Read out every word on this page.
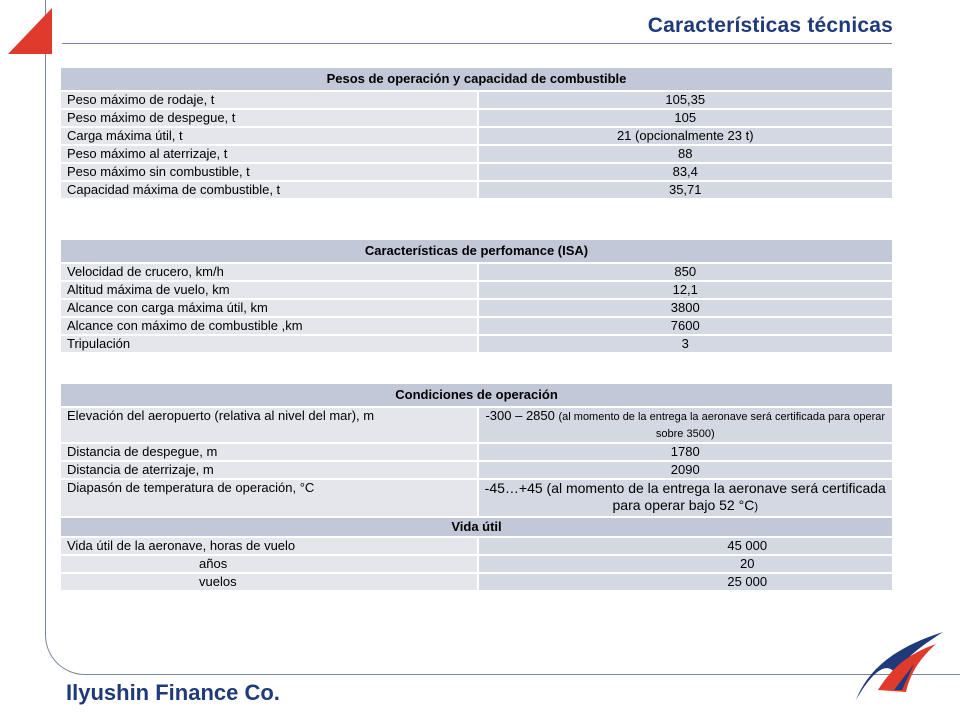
Características técnicas
Pesos de operación y capacidad de combustible	
Peso máximo de rodaje, t	105,35
Peso máximo de despegue, t	105
Carga máxima útil, t	21 (opcionalmente 23 t)
Peso máximo al aterrizaje, t	88
Peso máximo sin combustible, t	83,4
Capacidad máxima de combustible, t	35,71
Características de perfomance (ISA)	
Velocidad de crucero, km/h	850
Altitud máxima de vuelo, km	12,1
Alcance con carga máxima útil, km	3800
Alcance con máximo de combustible ,km	7600
Tripulación	3
Condiciones de operación	
Elevación del aeropuerto (relativa al nivel del mar), m	-300 – 2850 (al momento de la entrega la aeronave será certificada para operar sobre 3500)
Distancia de despegue, m	1780
Distancia de aterrizaje, m	2090
Diapasón de temperatura de operación, °C	-45…+45 (al momento de la entrega la aeronave será certificada para operar bajo 52 °C)
Vida útil	
Vida útil de la aeronave, horas de vuelo	45 000
años	20
vuelos	25 000
Ilyushin Finance Co.
